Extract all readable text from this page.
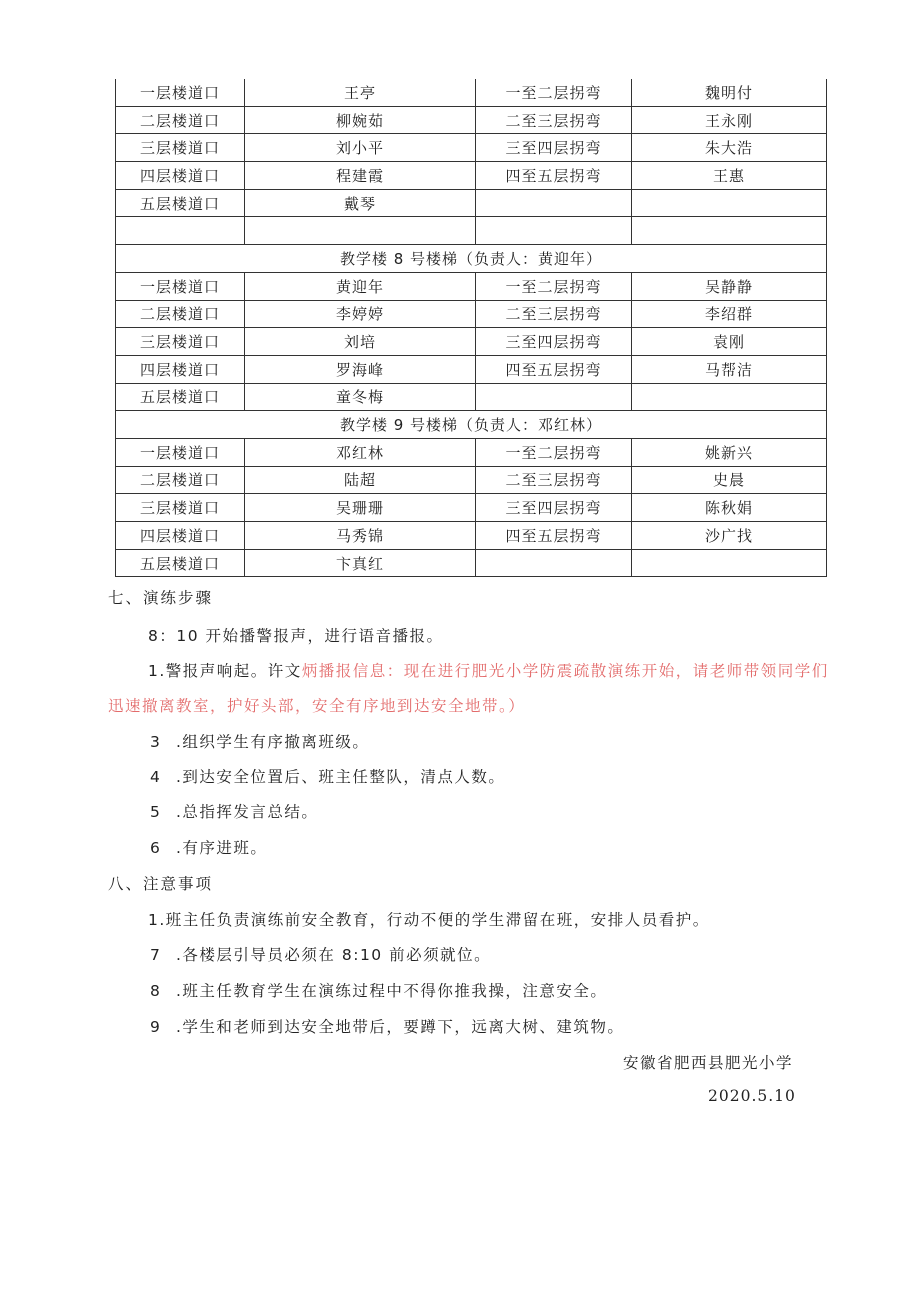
一层楼道口	王亭	一至二层拐弯	魏明付
二层楼道口	柳婉茹	二至三层拐弯	王永刚
三层楼道口	刘小平	三至四层拐弯	朱大浩
四层楼道口	程建霞	四至五层拐弯	王惠
五层楼道口	戴琴		

教学楼 8 号楼梯（负责人：黄迎年）			
一层楼道口	黄迎年	一至二层拐弯	吴静静
二层楼道口	李婷婷	二至三层拐弯	李绍群
三层楼道口	刘培	三至四层拐弯	袁刚
四层楼道口	罗海峰	四至五层拐弯	马帮洁
五层楼道口	童冬梅		
教学楼 9 号楼梯（负责人：邓红林）			
一层楼道口	邓红林	一至二层拐弯	姚新兴
二层楼道口	陆超	二至三层拐弯	史晨
三层楼道口	吴珊珊	三至四层拐弯	陈秋娟
四层楼道口	马秀锦	四至五层拐弯	沙广找
五层楼道口	卞真红		
七、演练步骤
8：10 开始播警报声，进行语音播报。
1.警报声响起。许文炳播报信息：现在进行肥光小学防震疏散演练开始，请老师带领同学们
迅速撤离教室，护好头部，安全有序地到达安全地带。）
3 .组织学生有序撤离班级。
4 .到达安全位置后、班主任整队，清点人数。
5 .总指挥发言总结。
6 .有序进班。
八、注意事项
1.班主任负责演练前安全教育，行动不便的学生滞留在班，安排人员看护。
7 .各楼层引导员必须在 8:10 前必须就位。
8 .班主任教育学生在演练过程中不得你推我操，注意安全。
9 .学生和老师到达安全地带后，要蹲下，远离大树、建筑物。
安徽省肥西县肥光小学
2020.5.10
